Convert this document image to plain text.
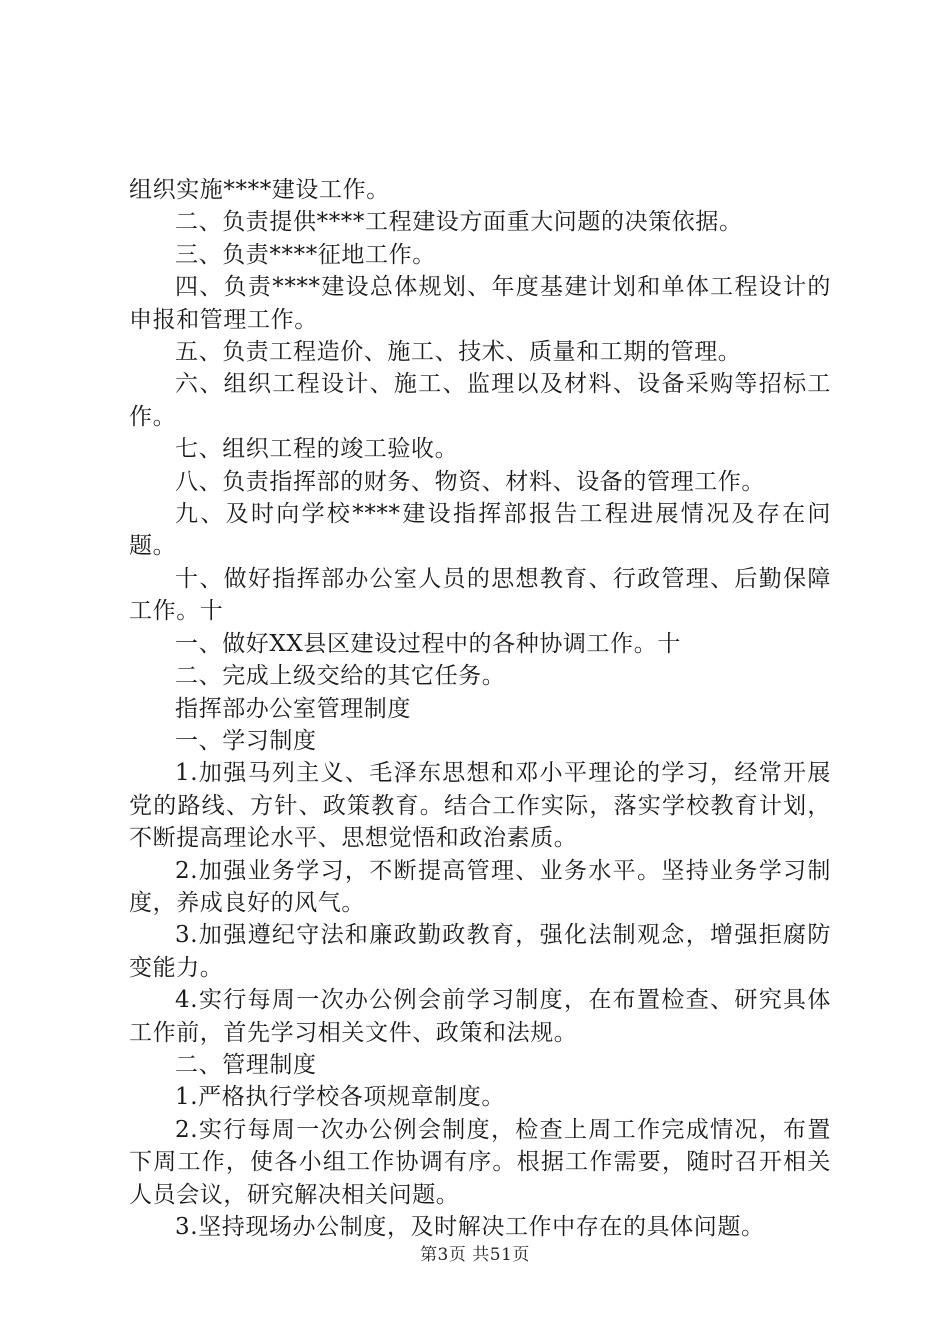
组织实施****建设工作。

二、负责提供****工程建设方面重大问题的决策依据。

三、负责****征地工作。

四、负责****建设总体规划、年度基建计划和单体工程设计的申报和管理工作。

五、负责工程造价、施工、技术、质量和工期的管理。

六、组织工程设计、施工、监理以及材料、设备采购等招标工作。

七、组织工程的竣工验收。

八、负责指挥部的财务、物资、材料、设备的管理工作。

九、及时向学校****建设指挥部报告工程进展情况及存在问题。

十、做好指挥部办公室人员的思想教育、行政管理、后勤保障工作。十

一、做好XX县区建设过程中的各种协调工作。十

二、完成上级交给的其它任务。

指挥部办公室管理制度

一、学习制度

1.加强马列主义、毛泽东思想和邓小平理论的学习，经常开展党的路线、方针、政策教育。结合工作实际，落实学校教育计划，不断提高理论水平、思想觉悟和政治素质。

2.加强业务学习，不断提高管理、业务水平。坚持业务学习制度，养成良好的风气。

3.加强遵纪守法和廉政勤政教育，强化法制观念，增强拒腐防变能力。

4.实行每周一次办公例会前学习制度，在布置检查、研究具体工作前，首先学习相关文件、政策和法规。

二、管理制度

1.严格执行学校各项规章制度。

2.实行每周一次办公例会制度，检查上周工作完成情况，布置下周工作，使各小组工作协调有序。根据工作需要，随时召开相关人员会议，研究解决相关问题。

3.坚持现场办公制度，及时解决工作中存在的具体问题。

第3页 共51页
